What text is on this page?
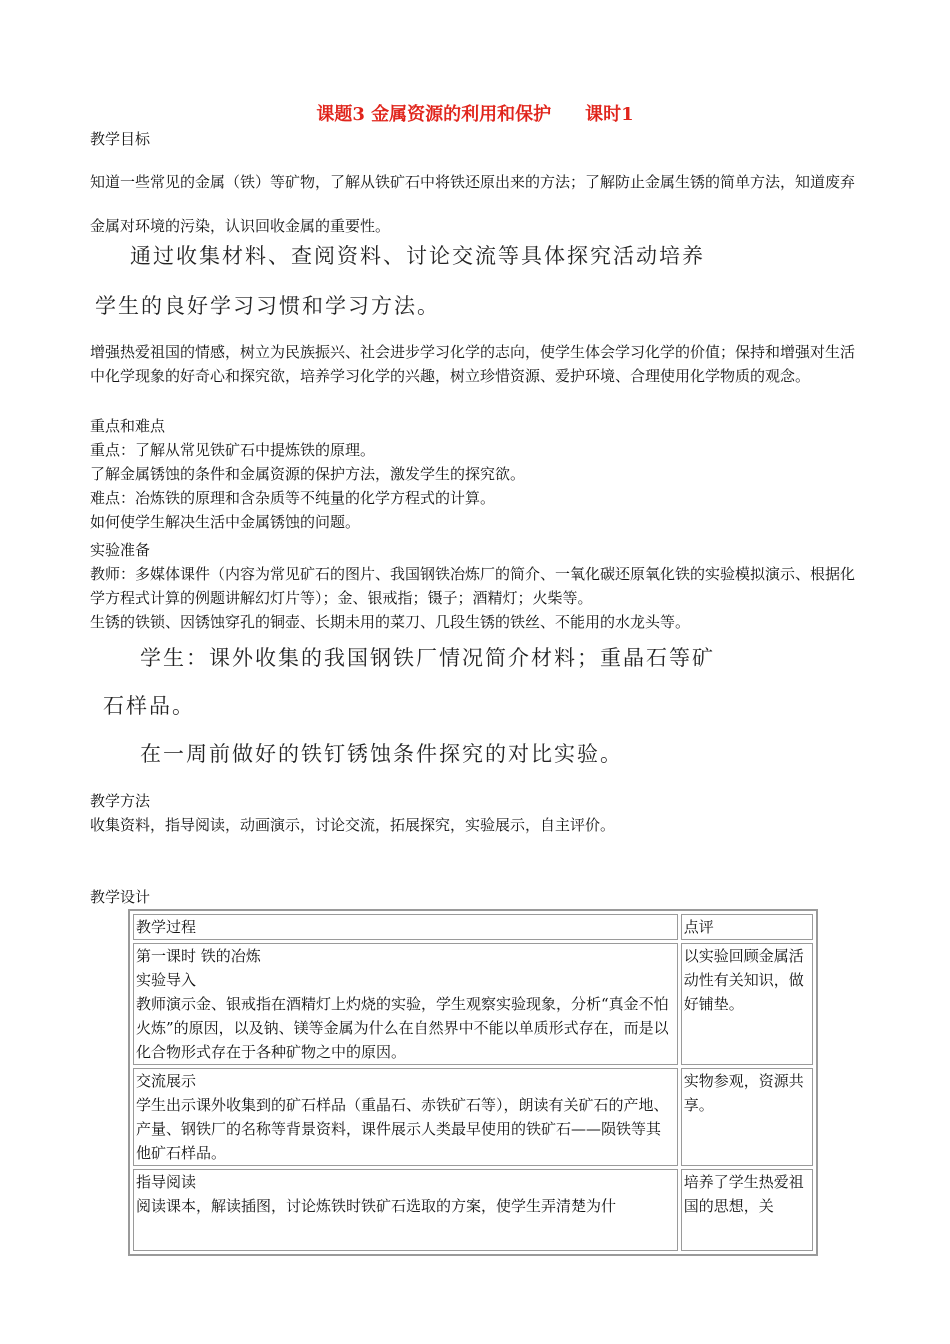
课题3 金属资源的利用和保护 课时1
教学目标
知道一些常见的金属（铁）等矿物，了解从铁矿石中将铁还原出来的方法；了解防止金属生锈的简单方法，知道废弃金属对环境的污染，认识回收金属的重要性。
通过收集材料、查阅资料、讨论交流等具体探究活动培养
学生的良好学习习惯和学习方法。
增强热爱祖国的情感，树立为民族振兴、社会进步学习化学的志向，使学生体会学习化学的价值；保持和增强对生活中化学现象的好奇心和探究欲，培养学习化学的兴趣，树立珍惜资源、爱护环境、合理使用化学物质的观念。
重点和难点
重点：了解从常见铁矿石中提炼铁的原理。
了解金属锈蚀的条件和金属资源的保护方法，激发学生的探究欲。
难点：冶炼铁的原理和含杂质等不纯量的化学方程式的计算。
如何使学生解决生活中金属锈蚀的问题。
实验准备
教师：多媒体课件（内容为常见矿石的图片、我国钢铁冶炼厂的简介、一氧化碳还原氧化铁的实验模拟演示、根据化学方程式计算的例题讲解幻灯片等）；金、银戒指；镊子；酒精灯；火柴等。
生锈的铁锁、因锈蚀穿孔的铜壶、长期未用的菜刀、几段生锈的铁丝、不能用的水龙头等。
学生：课外收集的我国钢铁厂情况简介材料；重晶石等矿
石样品。
在一周前做好的铁钉锈蚀条件探究的对比实验。
教学方法
收集资料，指导阅读，动画演示，讨论交流，拓展探究，实验展示，自主评价。
教学设计
教学过程	点评

第一课时 铁的冶炼
实验导入
教师演示金、银戒指在酒精灯上灼烧的实验，学生观察实验现象，分析“真金不怕火炼”的原因，以及钠、镁等金属为什么在自然界中不能以单质形式存在，而是以化合物形式存在于各种矿物之中的原因。	以实验回顾金属活动性有关知识，做好铺垫。

交流展示
学生出示课外收集到的矿石样品（重晶石、赤铁矿石等），朗读有关矿石的产地、产量、钢铁厂的名称等背景资料，课件展示人类最早使用的铁矿石——陨铁等其他矿石样品。	实物参观，资源共享。

指导阅读
阅读课本，解读插图，讨论炼铁时铁矿石选取的方案，使学生弄清楚为什	培养了学生热爱祖国的思想，关
